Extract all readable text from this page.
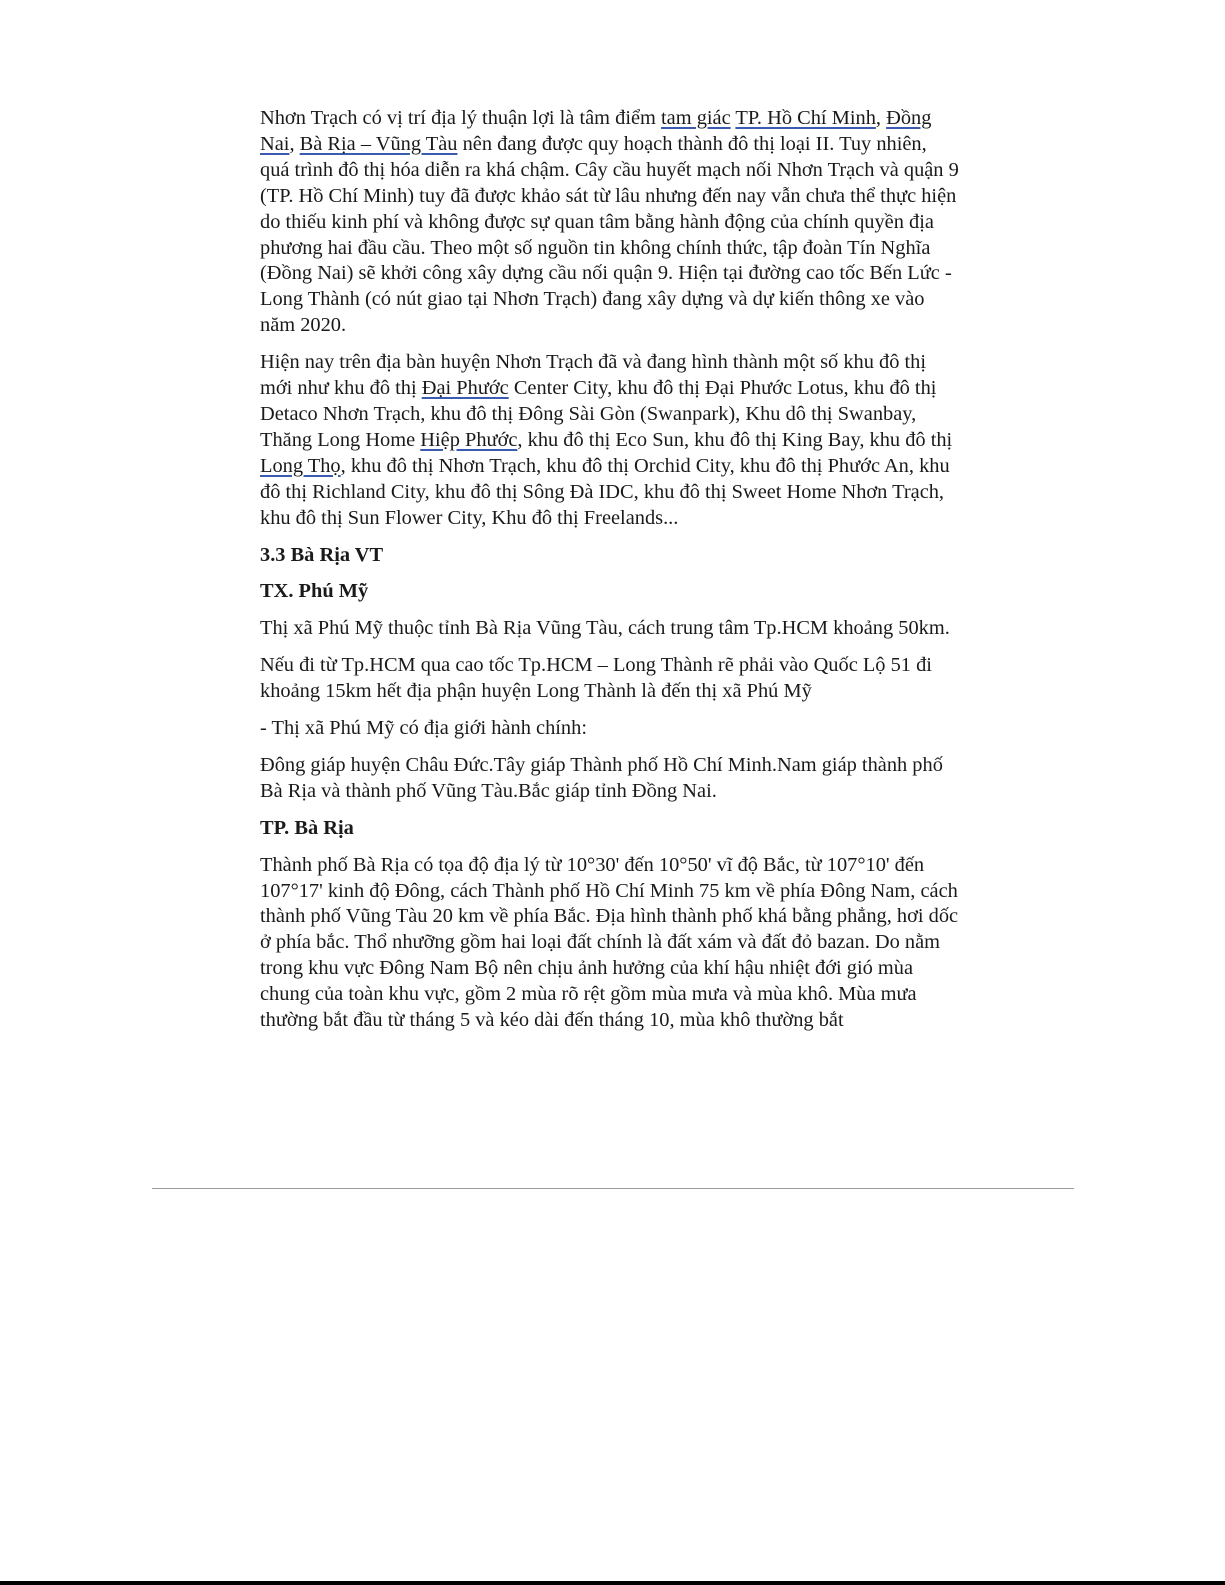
Nhơn Trạch có vị trí địa lý thuận lợi là tâm điểm tam giác TP. Hồ Chí Minh, Đồng Nai, Bà Rịa – Vũng Tàu nên đang được quy hoạch thành đô thị loại II. Tuy nhiên, quá trình đô thị hóa diễn ra khá chậm. Cây cầu huyết mạch nối Nhơn Trạch và quận 9 (TP. Hồ Chí Minh) tuy đã được khảo sát từ lâu nhưng đến nay vẫn chưa thể thực hiện do thiếu kinh phí và không được sự quan tâm bằng hành động của chính quyền địa phương hai đầu cầu. Theo một số nguồn tin không chính thức, tập đoàn Tín Nghĩa (Đồng Nai) sẽ khởi công xây dựng cầu nối quận 9. Hiện tại đường cao tốc Bến Lức - Long Thành (có nút giao tại Nhơn Trạch) đang xây dựng và dự kiến thông xe vào năm 2020.

Hiện nay trên địa bàn huyện Nhơn Trạch đã và đang hình thành một số khu đô thị mới như khu đô thị Đại Phước Center City, khu đô thị Đại Phước Lotus, khu đô thị Detaco Nhơn Trạch, khu đô thị Đông Sài Gòn (Swanpark), Khu dô thị Swanbay, Thăng Long Home Hiệp Phước, khu đô thị Eco Sun, khu đô thị King Bay, khu đô thị Long Thọ, khu đô thị Nhơn Trạch, khu đô thị Orchid City, khu đô thị Phước An, khu đô thị Richland City, khu đô thị Sông Đà IDC, khu đô thị Sweet Home Nhơn Trạch, khu đô thị Sun Flower City, Khu đô thị Freelands...

3.3 Bà Rịa VT

TX. Phú Mỹ

Thị xã Phú Mỹ thuộc tỉnh Bà Rịa Vũng Tàu, cách trung tâm Tp.HCM khoảng 50km.

Nếu đi từ Tp.HCM qua cao tốc Tp.HCM – Long Thành rẽ phải vào Quốc Lộ 51 đi khoảng 15km hết địa phận huyện Long Thành là đến thị xã Phú Mỹ

- Thị xã Phú Mỹ có địa giới hành chính:

Đông giáp huyện Châu Đức.Tây giáp Thành phố Hồ Chí Minh.Nam giáp thành phố Bà Rịa và thành phố Vũng Tàu.Bắc giáp tỉnh Đồng Nai.

TP. Bà Rịa

Thành phố Bà Rịa có tọa độ địa lý từ 10°30' đến 10°50' vĩ độ Bắc, từ 107°10' đến 107°17' kinh độ Đông, cách Thành phố Hồ Chí Minh 75 km về phía Đông Nam, cách thành phố Vũng Tàu 20 km về phía Bắc. Địa hình thành phố khá bằng phẳng, hơi dốc ở phía bắc. Thổ nhưỡng gồm hai loại đất chính là đất xám và đất đỏ bazan. Do nằm trong khu vực Đông Nam Bộ nên chịu ảnh hưởng của khí hậu nhiệt đới gió mùa chung của toàn khu vực, gồm 2 mùa rõ rệt gồm mùa mưa và mùa khô. Mùa mưa thường bắt đầu từ tháng 5 và kéo dài đến tháng 10, mùa khô thường bắt
